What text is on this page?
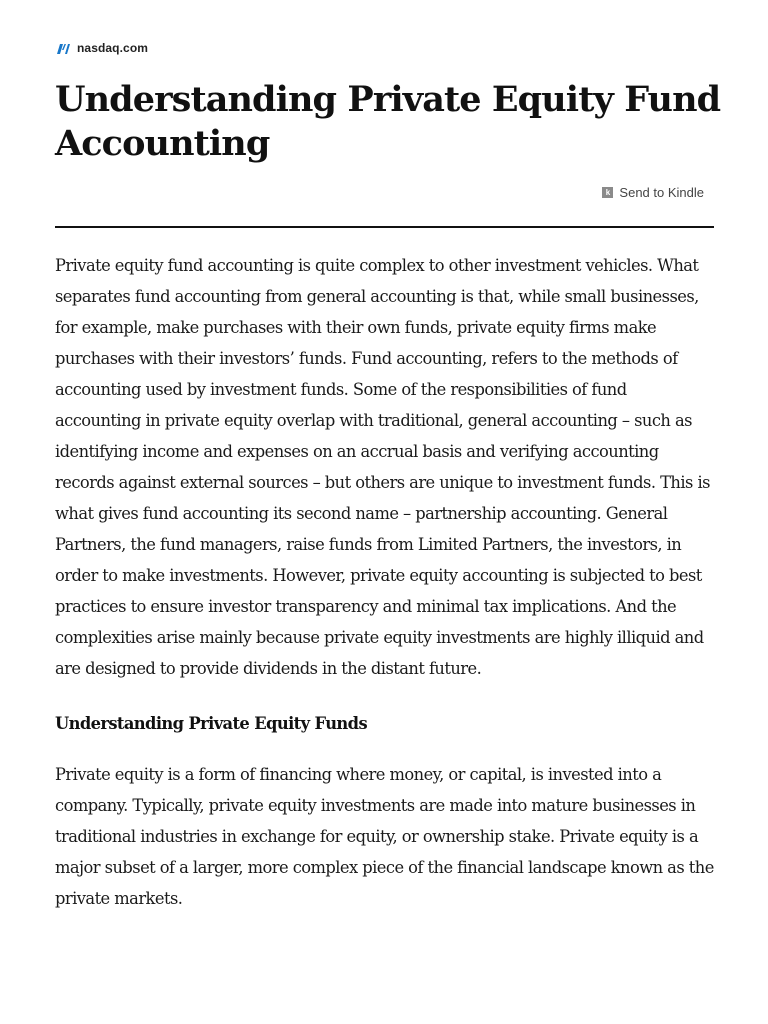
nasdaq.com
Understanding Private Equity Fund Accounting
k Send to Kindle

Private equity fund accounting is quite complex to other investment vehicles. What separates fund accounting from general accounting is that, while small businesses, for example, make purchases with their own funds, private equity firms make purchases with their investors’ funds. Fund accounting, refers to the methods of accounting used by investment funds. Some of the responsibilities of fund accounting in private equity overlap with traditional, general accounting – such as identifying income and expenses on an accrual basis and verifying accounting records against external sources – but others are unique to investment funds. This is what gives fund accounting its second name – partnership accounting. General Partners, the fund managers, raise funds from Limited Partners, the investors, in order to make investments. However, private equity accounting is subjected to best practices to ensure investor transparency and minimal tax implications. And the complexities arise mainly because private equity investments are highly illiquid and are designed to provide dividends in the distant future.

Understanding Private Equity Funds

Private equity is a form of financing where money, or capital, is invested into a company. Typically, private equity investments are made into mature businesses in traditional industries in exchange for equity, or ownership stake. Private equity is a major subset of a larger, more complex piece of the financial landscape known as the private markets.
